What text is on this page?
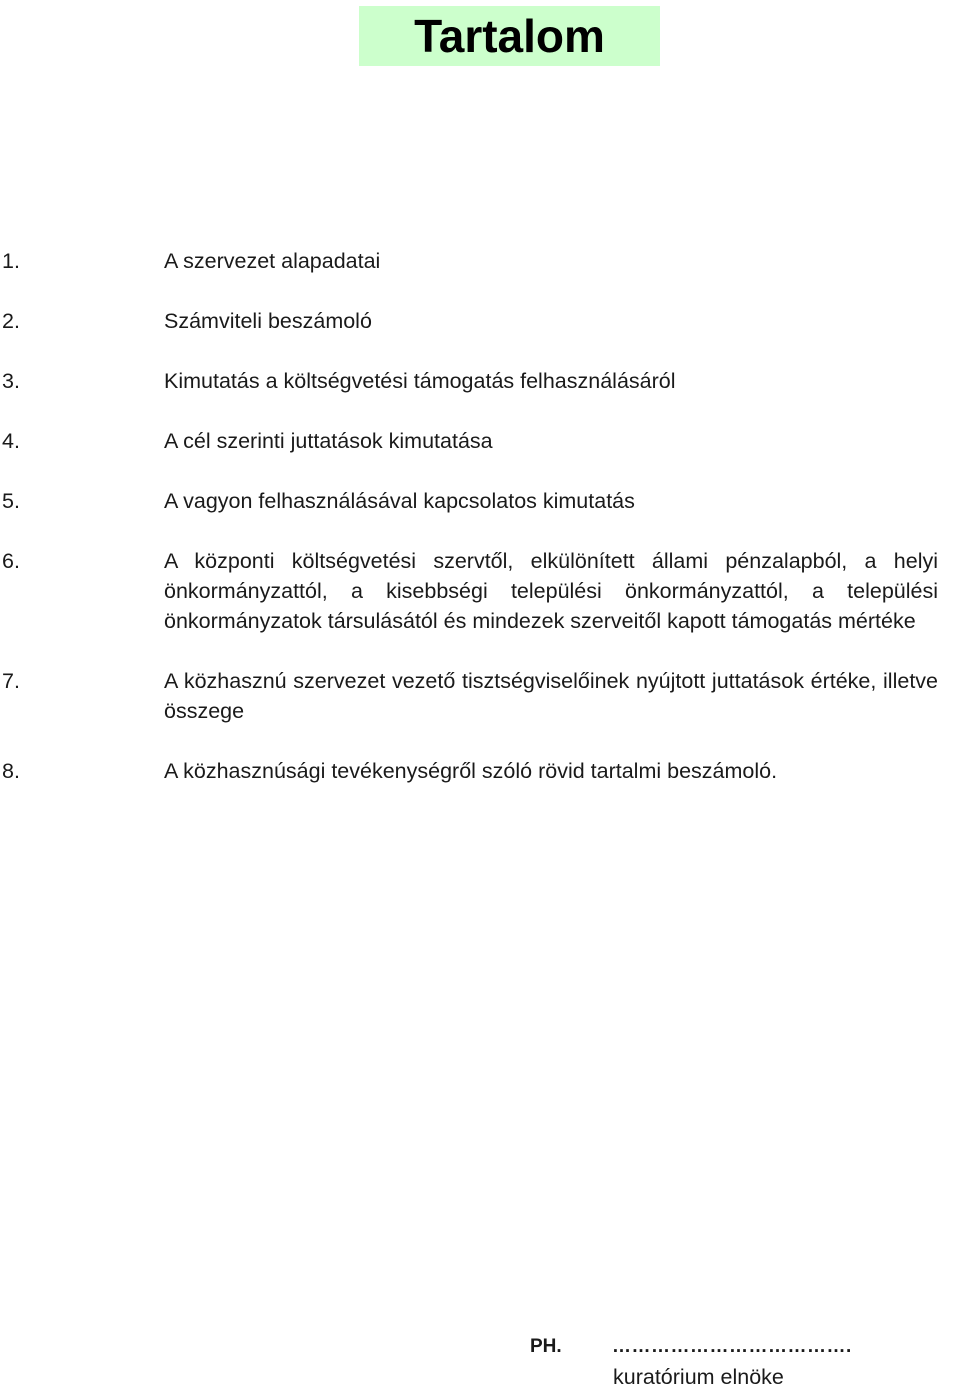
Tartalom
1.	A szervezet alapadatai
2.	Számviteli beszámoló
3.	Kimutatás a költségvetési támogatás felhasználásáról
4.	A cél szerinti juttatások kimutatása
5.	A vagyon felhasználásával kapcsolatos kimutatás
6.	A központi költségvetési szervtől, elkülönített állami pénzalapból, a helyi önkormányzattól, a kisebbségi települési önkormányzattól, a települési önkormányzatok társulásától és mindezek szerveitől kapott támogatás mértéke
7.	A közhasznú szervezet vezető tisztségviselőinek nyújtott juttatások értéke, illetve összege
8.	A közhasznúsági tevékenységről szóló rövid tartalmi beszámoló.
PH.	……………………………….
kuratórium elnöke
